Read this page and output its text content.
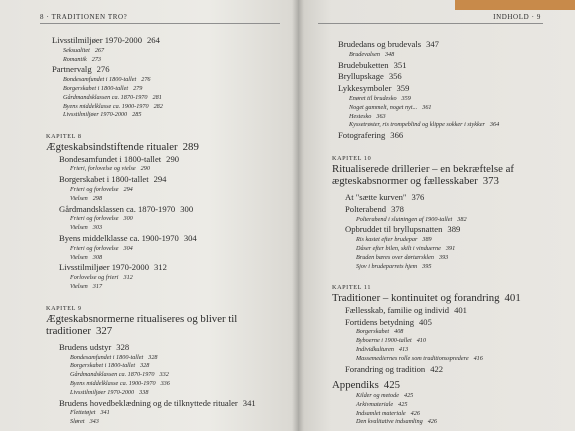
8 · TRADITIONEN TRO?
Livsstilmiljøer 1970-2000 264
Seksualitet 267
Romantik 273
Partnervalg 276
Bondesamfundet i 1800-tallet 276
Borgerskabet i 1800-tallet 279
Gårdmandsklassen ca. 1870-1970 281
Byens middelklasse ca. 1900-1970 282
Livsstilmiljøer 1970-2000 285
KAPITEL 8
Ægteskabsindstiftende ritualer 289
Bondesamfundet i 1800-tallet 290
Frieri, forlovelse og vielse 290
Borgerskabet i 1800-tallet 294
Frieri og forlovelse 294
Vielsen 298
Gårdmandsklassen ca. 1870-1970 300
Frieri og forlovelse 300
Vielsen 303
Byens middelklasse ca. 1900-1970 304
Frieri og forlovelse 304
Vielsen 308
Livsstilmiljøer 1970-2000 312
Forlovelse og frieri 312
Vielsen 317
KAPITEL 9
Ægteskabsnormerne ritualiseres og bliver til traditioner 327
Brudens udstyr 328
Bondesamfundet i 1800-tallet 328
Borgerskabet i 1800-tallet 328
Gårdmandsklassen ca. 1870-1970 332
Byens middelklasse ca. 1900-1970 336
Livsstilmiljøer 1970-2000 338
Brudens hovedbeklædning og de tilknyttede ritualer 341
Flettetøjet 341
Sløret 343
INDHOLD · 9
Brudedans og brudevals 347
Brudevalsen 348
Brudebuketten 351
Bryllupskage 356
Lykkesymboler 359
Enøret til brudesko 359
Noget gammelt, noget nyt... 361
Hestesko 363
Kyssetrøster, ris trompeblind og klippe sokker i stykker 364
Fotografering 366
KAPITEL 10
Ritualiserede drillerier – en bekræftelse af ægteskabsnormer og fællesskaber 373
At "sætte kurven" 376
Polterabend 378
Polterabend i slutningen af 1900-tallet 382
Opbruddet til bryllupsnatten 389
Ris kastet efter brudepar 389
Dåser efter bilen, skilt i vinduerne 391
Bruden bæres over dørtærsklen 393
Sjov i brudeparrets hjem 395
KAPITEL 11
Traditioner – kontinuitet og forandring 401
Fællesskab, familie og individ 401
Fortidens betydning 405
Borgerskabet 408
Byboerne i 1900-tallet 410
Individkulturen 413
Massemediernes rolle som traditionsspredere 416
Forandring og tradition 422
Appendiks 425
Kilder og metode 425
Arkivmateriale 425
Indsamlet materiale 426
Den kvalitative indsamling 426
